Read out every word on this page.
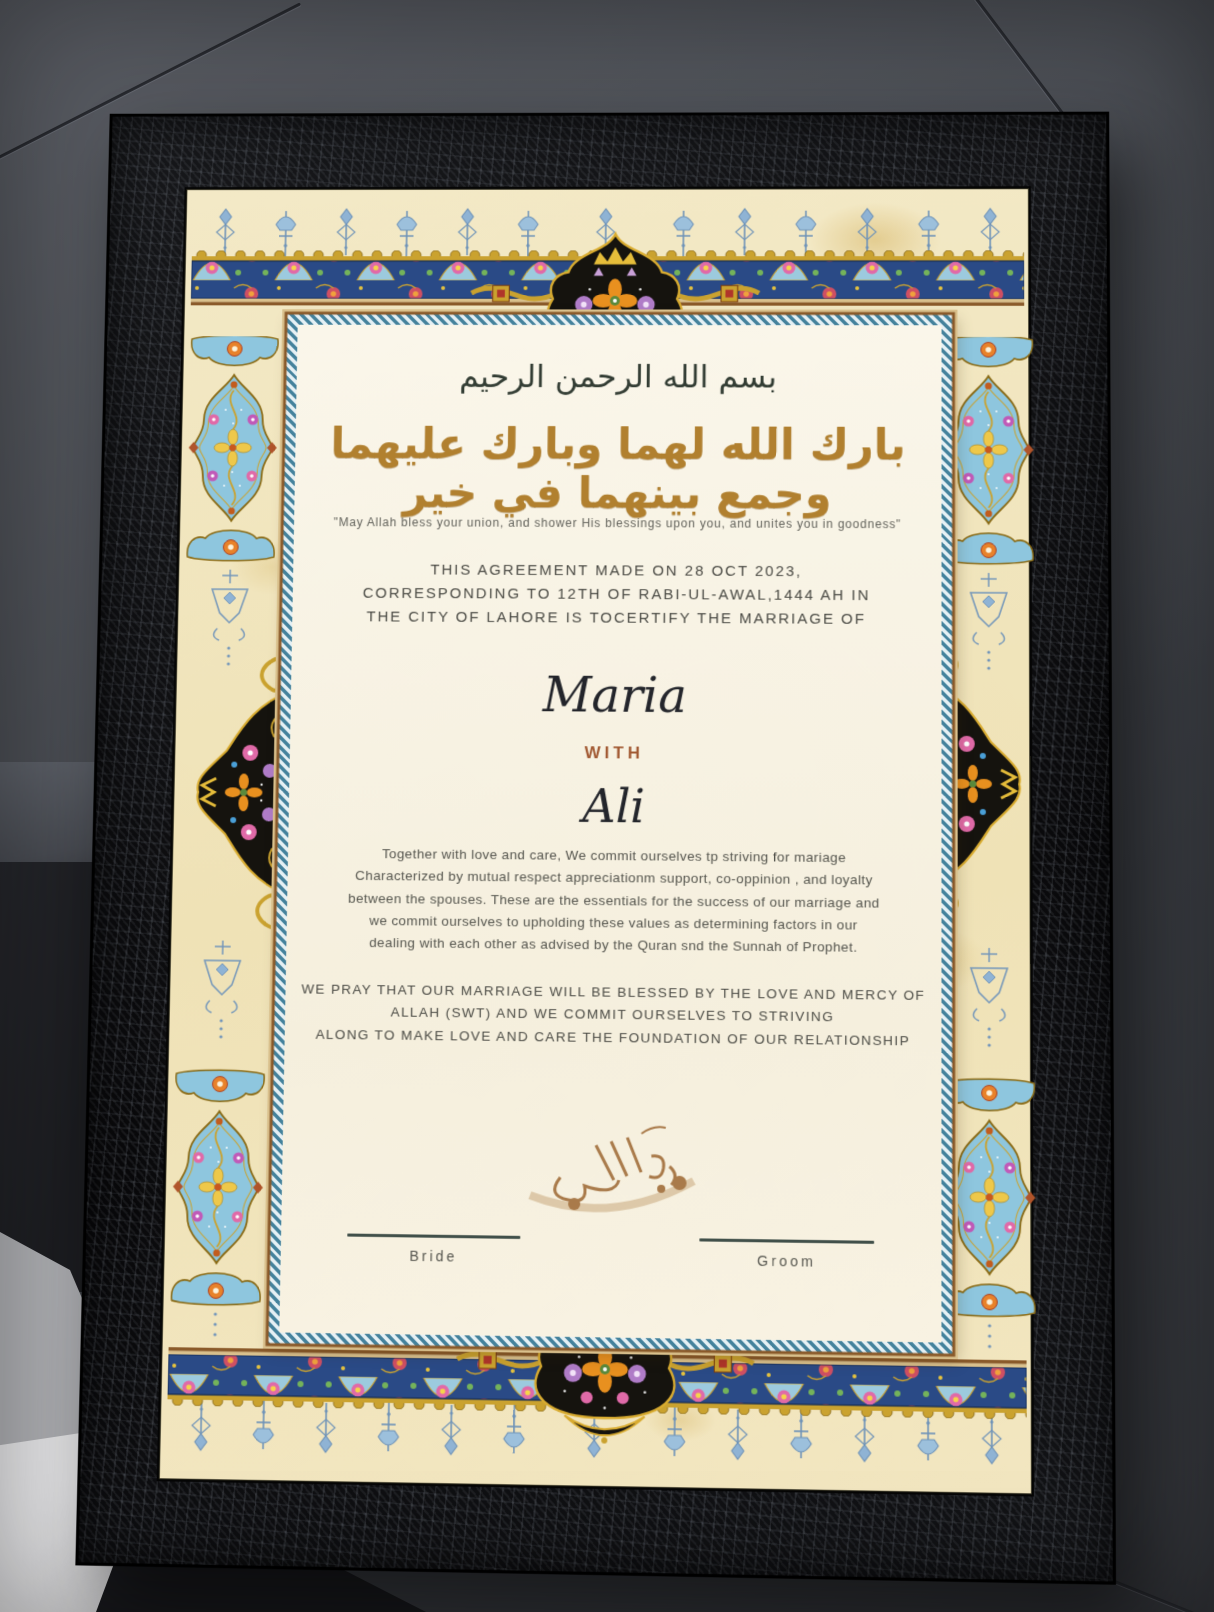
بسم الله الرحمن الرحيم
بارك الله لهما وبارك عليهما وجمع بينهما في خير
"May Allah bless your union, and shower His blessings upon you, and unites you in goodness"
THIS AGREEMENT MADE ON 28 OCT 2023,
CORRESPONDING TO 12TH OF RABI-UL-AWAL,1444 AH IN
THE CITY OF LAHORE IS TOCERTIFY THE MARRIAGE OF
Maria
WITH
Ali
Together with love and care, We commit ourselves tp striving for mariage
Characterized by mutual respect appreciationm support, co-oppinion , and loyalty
between the spouses. These are the essentials for the success of our marriage and
we commit ourselves to upholding these values as determining factors in our
dealing with each other as advised by the Quran snd the Sunnah of Prophet.
WE PRAY THAT OUR MARRIAGE WILL BE BLESSED BY THE LOVE AND MERCY OF
ALLAH (SWT) AND WE COMMIT OURSELVES TO STRIVING
ALONG TO MAKE LOVE AND CARE THE FOUNDATION OF OUR RELATIONSHIP
Bride	Groom
